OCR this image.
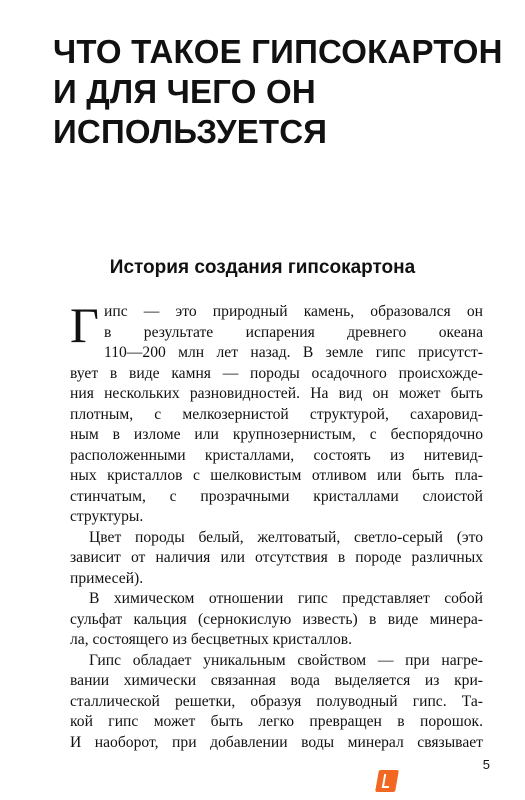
ЧТО ТАКОЕ ГИПСОКАРТОН
И ДЛЯ ЧЕГО ОН
ИСПОЛЬЗУЕТСЯ
История создания гипсокартона
Г ипс — это природный камень, образовался он
в результате испарения древнего океана
110—200 млн лет назад. В земле гипс присутст-
вует в виде камня — породы осадочного происхожде-
ния нескольких разновидностей. На вид он может быть
плотным, с мелкозернистой структурой, сахаровид-
ным в изломе или крупнозернистым, с беспорядочно
расположенными кристаллами, состоять из нитевид-
ных кристаллов с шелковистым отливом или быть пла-
стинчатым, с прозрачными кристаллами слоистой
структуры.
Цвет породы белый, желтоватый, светло-серый (это
зависит от наличия или отсутствия в породе различных
примесей).
В химическом отношении гипс представляет собой
сульфат кальция (сернокислую известь) в виде минера-
ла, состоящего из бесцветных кристаллов.
Гипс обладает уникальным свойством — при нагре-
вании химически связанная вода выделяется из кри-
сталлической решетки, образуя полуводный гипс. Та-
кой гипс может быть легко превращен в порошок.
И наоборот, при добавлении воды минерал связывает
5
